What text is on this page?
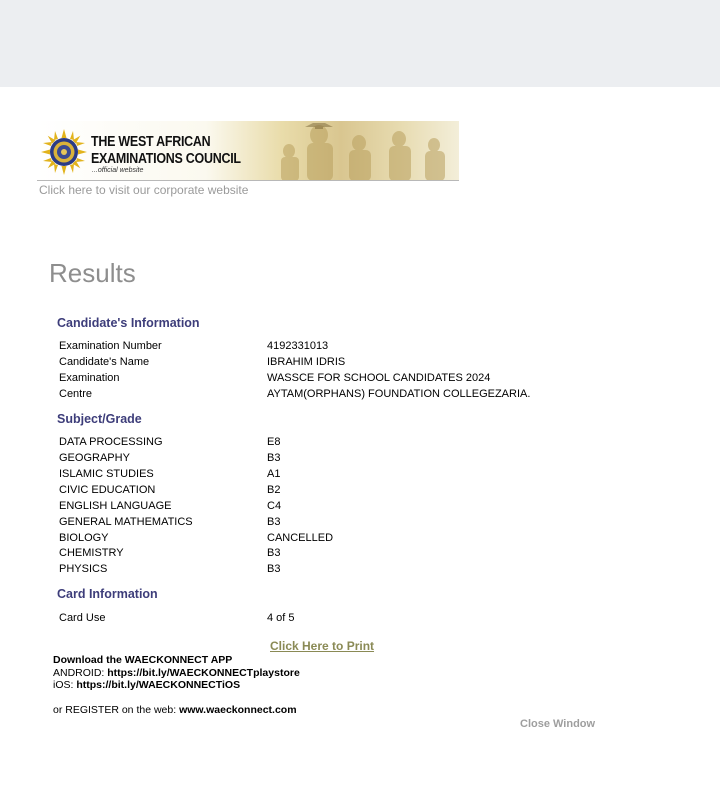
THE WEST AFRICAN
EXAMINATIONS COUNCIL
...official website
Click here to visit our corporate website
Results
Candidate's Information
Examination Number	4192331013
Candidate's Name	IBRAHIM IDRIS
Examination	WASSCE FOR SCHOOL CANDIDATES 2024
Centre	AYTAM(ORPHANS) FOUNDATION COLLEGEZARIA.
Subject/Grade
DATA PROCESSING	E8
GEOGRAPHY	B3
ISLAMIC STUDIES	A1
CIVIC EDUCATION	B2
ENGLISH LANGUAGE	C4
GENERAL MATHEMATICS	B3
BIOLOGY	CANCELLED
CHEMISTRY	B3
PHYSICS	B3
Card Information
Card Use	4 of 5
Click Here to Print
Download the WAECKONNECT APP
ANDROID: https://bit.ly/WAECKONNECTplaystore
iOS: https://bit.ly/WAECKONNECTiOS
or REGISTER on the web: www.waeckonnect.com
Close Window
